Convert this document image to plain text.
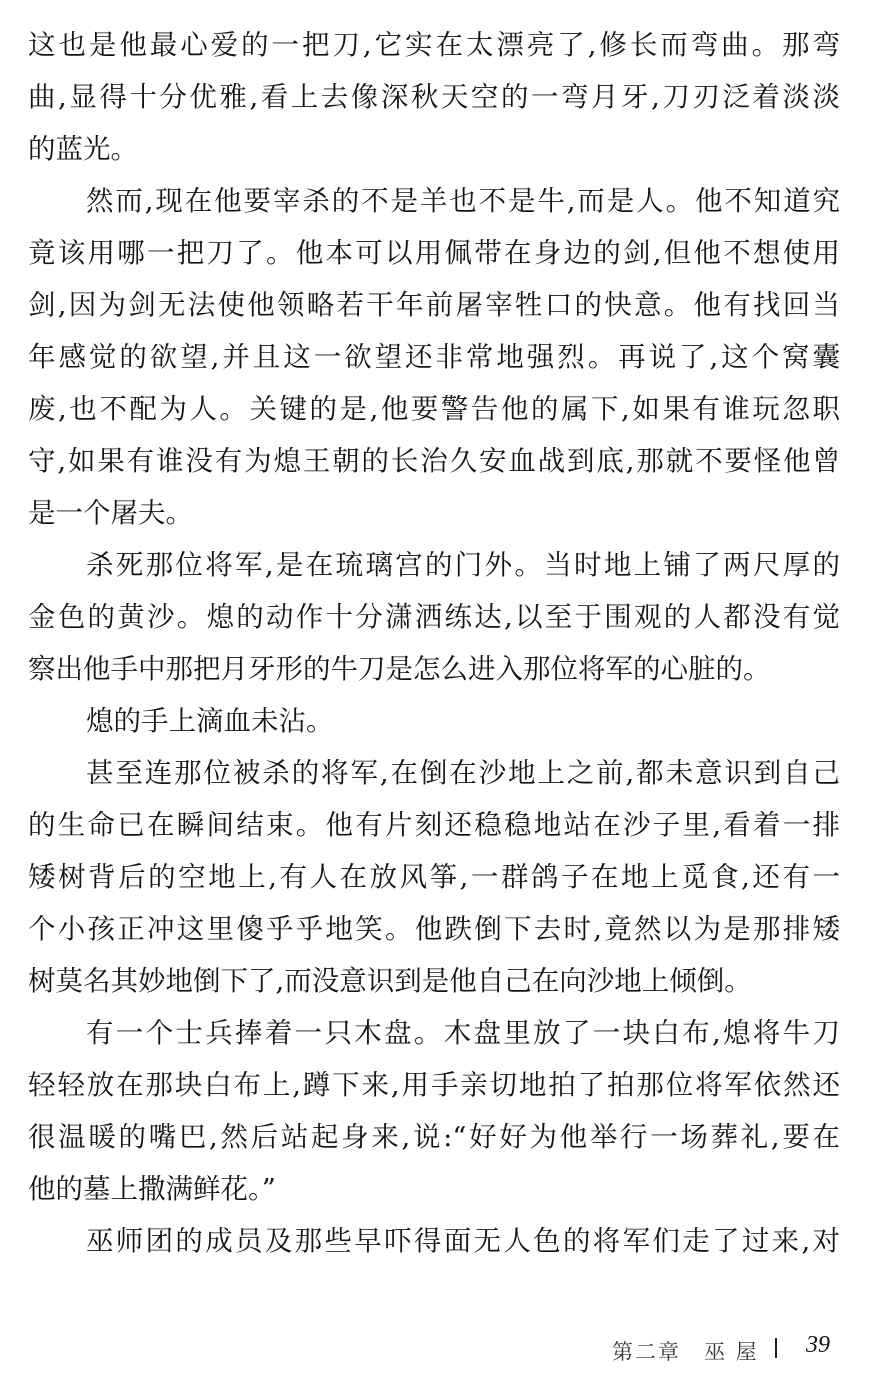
这也是他最心爱的一把刀,它实在太漂亮了,修长而弯曲。那弯
曲,显得十分优雅,看上去像深秋天空的一弯月牙,刀刃泛着淡淡
的蓝光。
然而,现在他要宰杀的不是羊也不是牛,而是人。他不知道究
竟该用哪一把刀了。他本可以用佩带在身边的剑,但他不想使用
剑,因为剑无法使他领略若干年前屠宰牲口的快意。他有找回当
年感觉的欲望,并且这一欲望还非常地强烈。再说了,这个窝囊
废,也不配为人。关键的是,他要警告他的属下,如果有谁玩忽职
守,如果有谁没有为熄王朝的长治久安血战到底,那就不要怪他曾
是一个屠夫。
杀死那位将军,是在琉璃宫的门外。当时地上铺了两尺厚的
金色的黄沙。熄的动作十分潇洒练达,以至于围观的人都没有觉
察出他手中那把月牙形的牛刀是怎么进入那位将军的心脏的。
熄的手上滴血未沾。
甚至连那位被杀的将军,在倒在沙地上之前,都未意识到自己
的生命已在瞬间结束。他有片刻还稳稳地站在沙子里,看着一排
矮树背后的空地上,有人在放风筝,一群鸽子在地上觅食,还有一
个小孩正冲这里傻乎乎地笑。他跌倒下去时,竟然以为是那排矮
树莫名其妙地倒下了,而没意识到是他自己在向沙地上倾倒。
有一个士兵捧着一只木盘。木盘里放了一块白布,熄将牛刀
轻轻放在那块白布上,蹲下来,用手亲切地拍了拍那位将军依然还
很温暖的嘴巴,然后站起身来,说:“好好为他举行一场葬礼,要在
他的墓上撒满鲜花。”
巫师团的成员及那些早吓得面无人色的将军们走了过来,对
第二章　巫 屋 39
